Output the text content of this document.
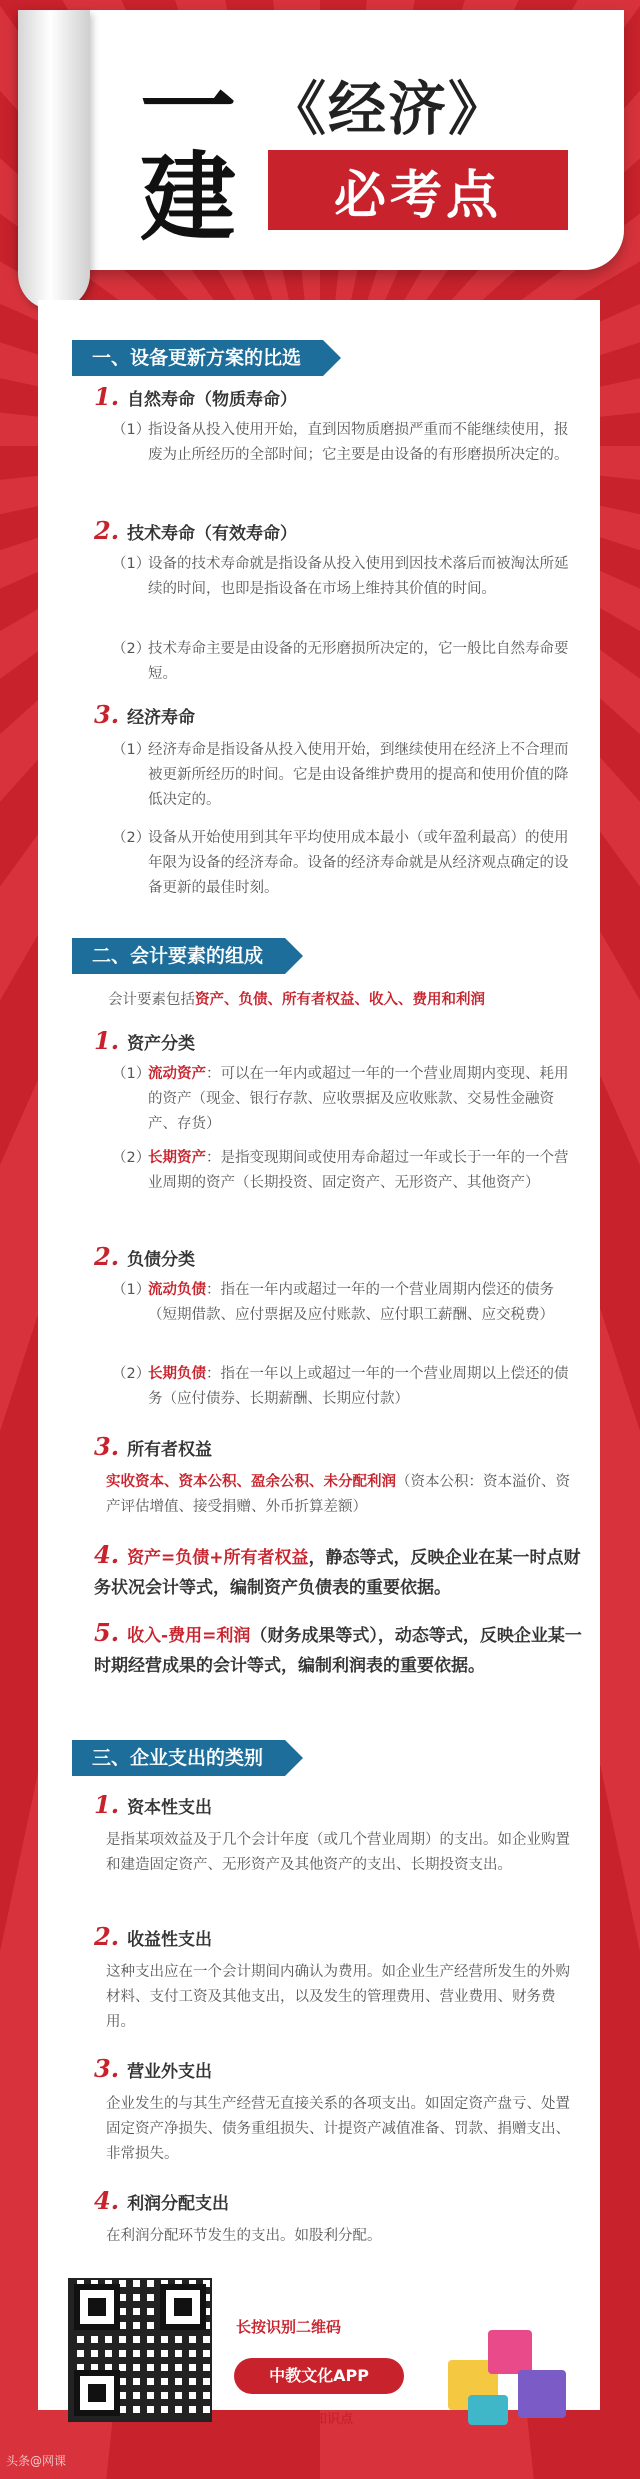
一
建
《经济》
必考点
一、设备更新方案的比选
1. 自然寿命（物质寿命）
（1）
指设备从投入使用开始，直到因物质磨损严重而不能继续使用，报废为止所经历的全部时间；它主要是由设备的有形磨损所决定的。
2. 技术寿命（有效寿命）
（1）
设备的技术寿命就是指设备从投入使用到因技术落后而被淘汰所延续的时间，也即是指设备在市场上维持其价值的时间。
（2）
技术寿命主要是由设备的无形磨损所决定的，它一般比自然寿命要短。
3. 经济寿命
（1）
经济寿命是指设备从投入使用开始，到继续使用在经济上不合理而被更新所经历的时间。它是由设备维护费用的提高和使用价值的降低决定的。
（2）
设备从开始使用到其年平均使用成本最小（或年盈利最高）的使用年限为设备的经济寿命。设备的经济寿命就是从经济观点确定的设备更新的最佳时刻。
二、会计要素的组成
会计要素包括资产、负债、所有者权益、收入、费用和利润
1. 资产分类
（1）
流动资产：可以在一年内或超过一年的一个营业周期内变现、耗用的资产（现金、银行存款、应收票据及应收账款、交易性金融资产、存货）
（2）
长期资产：是指变现期间或使用寿命超过一年或长于一年的一个营业周期的资产（长期投资、固定资产、无形资产、其他资产）
2. 负债分类
（1）
流动负债：指在一年内或超过一年的一个营业周期内偿还的债务（短期借款、应付票据及应付账款、应付职工薪酬、应交税费）
（2）
长期负债：指在一年以上或超过一年的一个营业周期以上偿还的债务（应付债券、长期薪酬、长期应付款）
3. 所有者权益
实收资本、资本公积、盈余公积、未分配利润（资本公积：资本溢价、资产评估增值、接受捐赠、外币折算差额）
4. 资产=负债+所有者权益，静态等式，反映企业在某一时点财务状况会计等式，编制资产负债表的重要依据。
5. 收入-费用=利润（财务成果等式），动态等式，反映企业某一时期经营成果的会计等式，编制利润表的重要依据。
三、企业支出的类别
1. 资本性支出
是指某项效益及于几个会计年度（或几个营业周期）的支出。如企业购置和建造固定资产、无形资产及其他资产的支出、长期投资支出。
2. 收益性支出
这种支出应在一个会计期间内确认为费用。如企业生产经营所发生的外购材料、支付工资及其他支出，以及发生的管理费用、营业费用、财务费用。
3. 营业外支出
企业发生的与其生产经营无直接关系的各项支出。如固定资产盘亏、处置固定资产净损失、债务重组损失、计提资产减值准备、罚款、捐赠支出、非常损失。
4. 利润分配支出
在利润分配环节发生的支出。如股利分配。
长按识别二维码
中教文化APP
获取更多必考知识点
头条@网课
